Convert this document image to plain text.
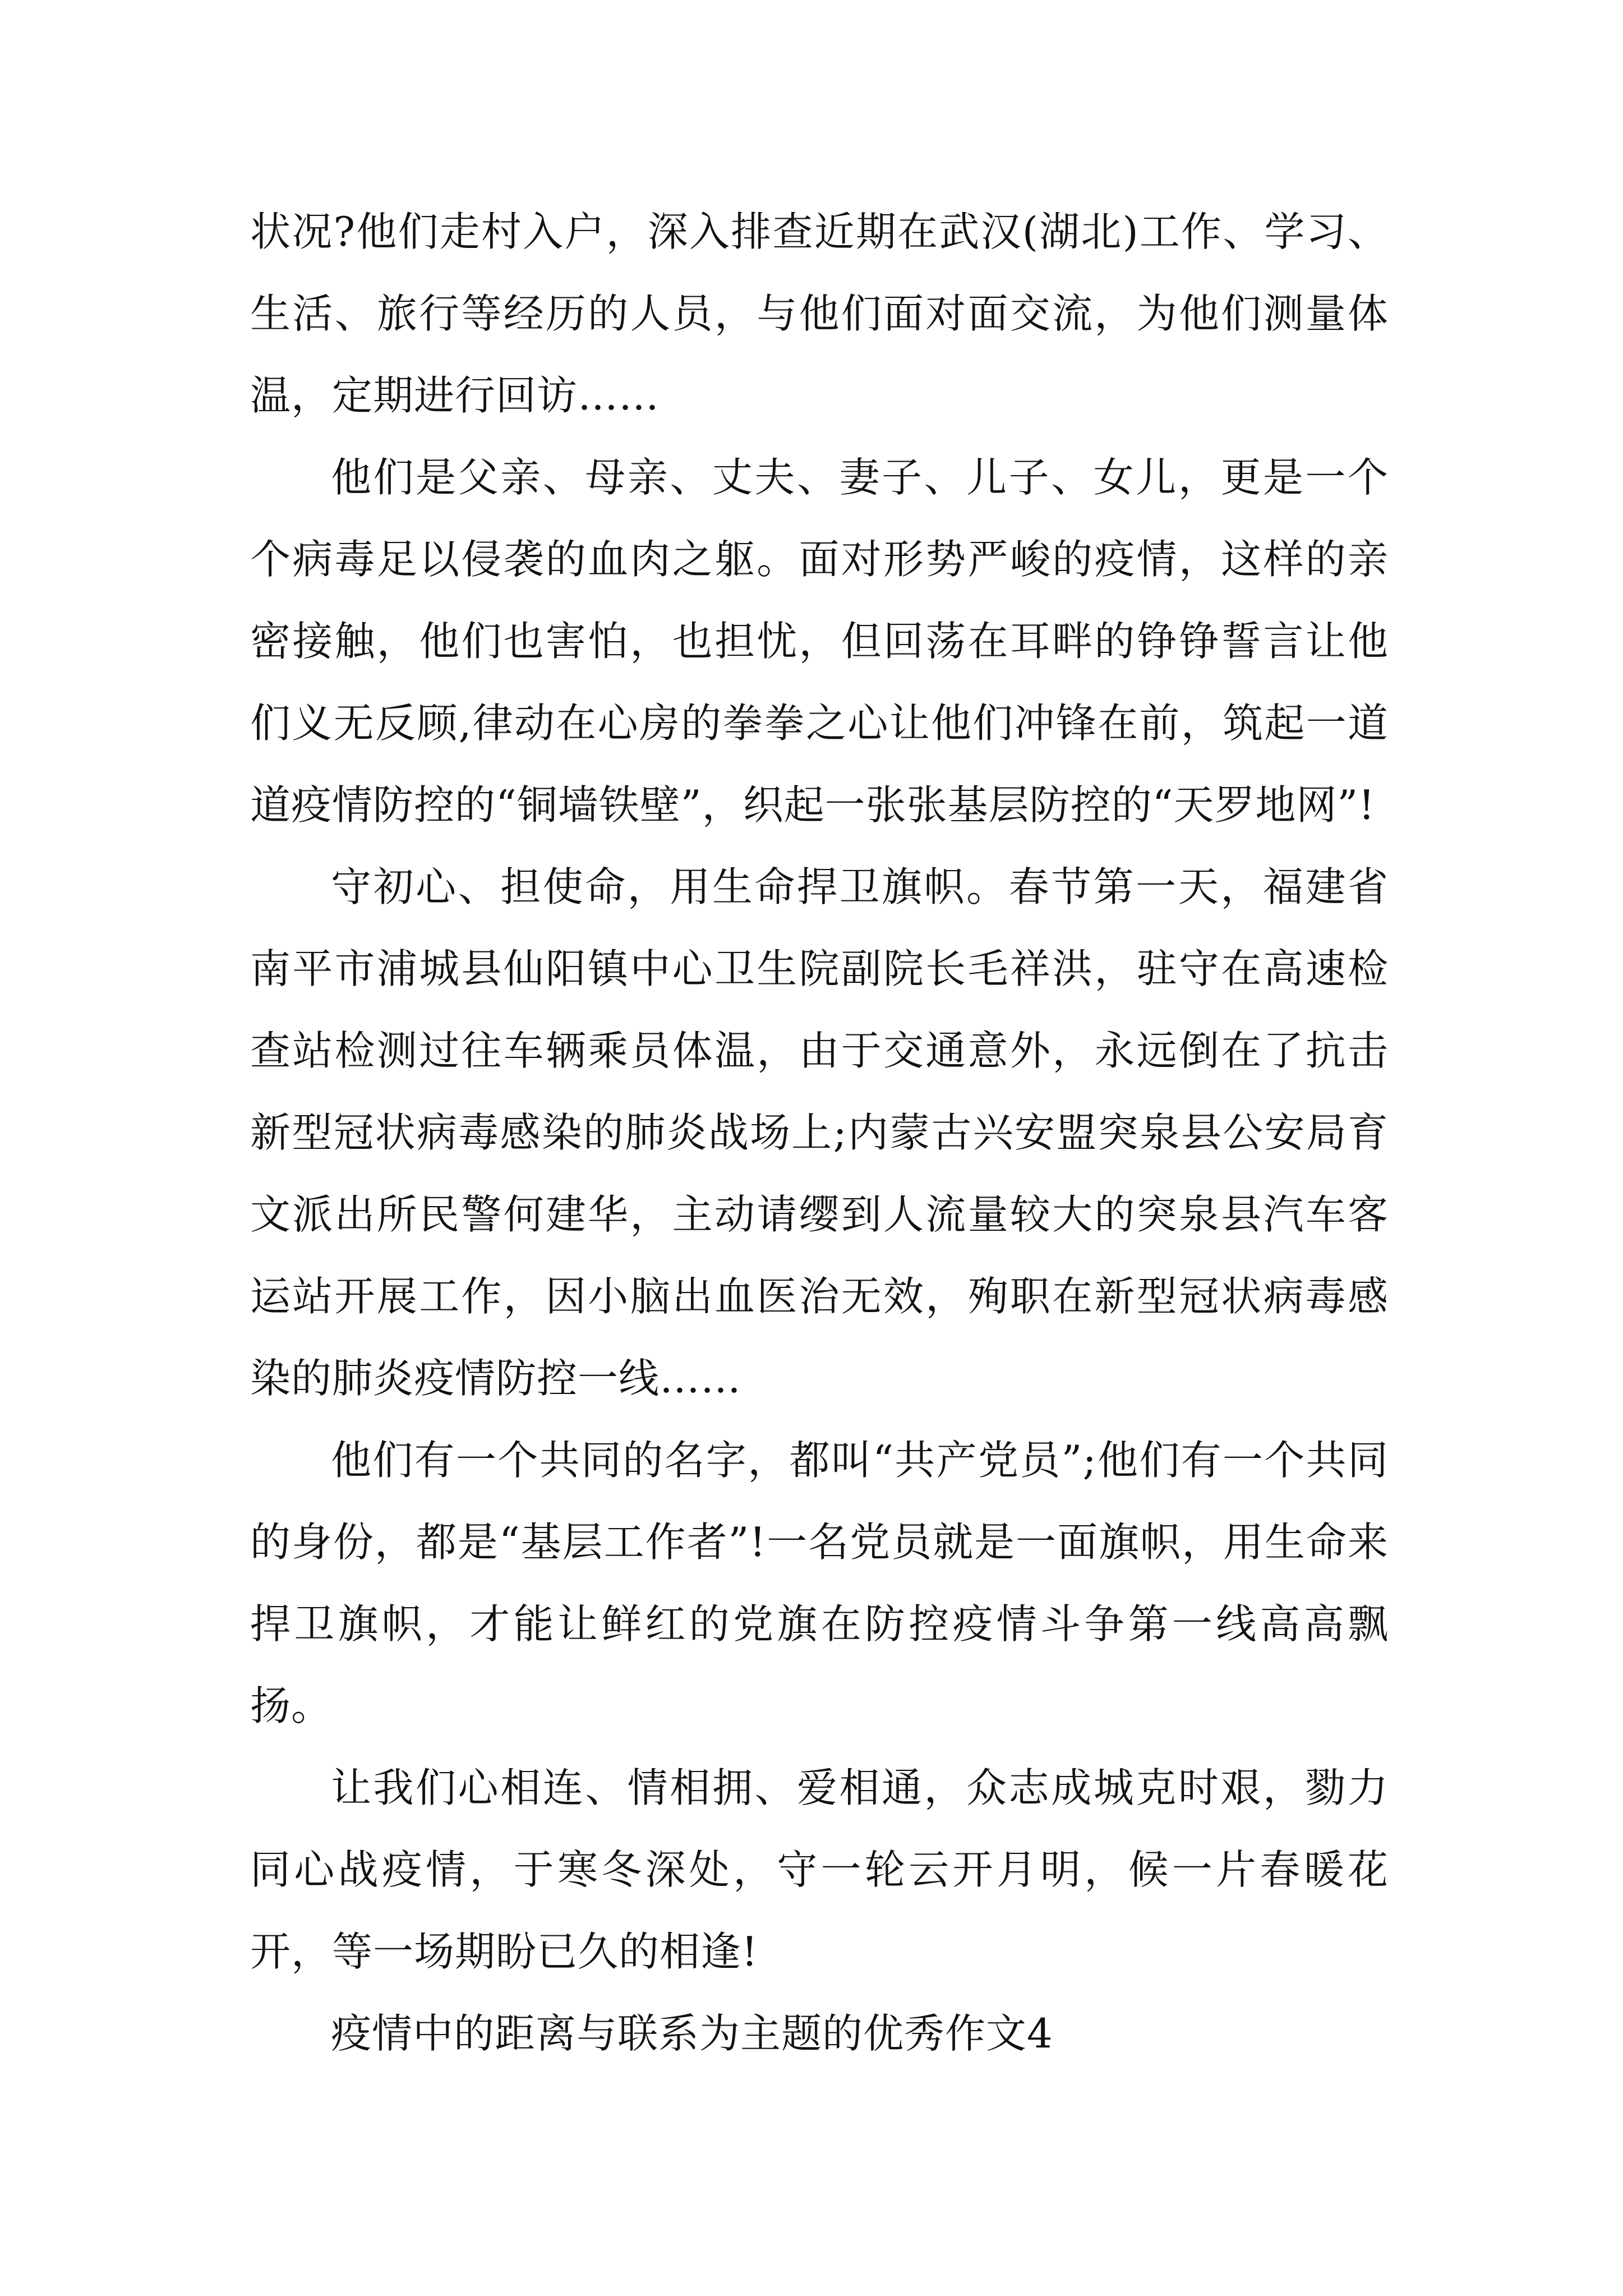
状况?他们走村入户，深入排查近期在武汉(湖北)工作、学习、生活、旅行等经历的人员，与他们面对面交流，为他们测量体温，定期进行回访……

他们是父亲、母亲、丈夫、妻子、儿子、女儿，更是一个个病毒足以侵袭的血肉之躯。面对形势严峻的疫情，这样的亲密接触，他们也害怕，也担忧，但回荡在耳畔的铮铮誓言让他们义无反顾,律动在心房的拳拳之心让他们冲锋在前，筑起一道道疫情防控的“铜墙铁壁”，织起一张张基层防控的“天罗地网”!

守初心、担使命，用生命捍卫旗帜。春节第一天，福建省南平市浦城县仙阳镇中心卫生院副院长毛祥洪，驻守在高速检查站检测过往车辆乘员体温，由于交通意外，永远倒在了抗击新型冠状病毒感染的肺炎战场上;内蒙古兴安盟突泉县公安局育文派出所民警何建华，主动请缨到人流量较大的突泉县汽车客运站开展工作，因小脑出血医治无效，殉职在新型冠状病毒感染的肺炎疫情防控一线……

他们有一个共同的名字，都叫“共产党员”;他们有一个共同的身份，都是“基层工作者”!一名党员就是一面旗帜，用生命来捍卫旗帜，才能让鲜红的党旗在防控疫情斗争第一线高高飘扬。

让我们心相连、情相拥、爱相通，众志成城克时艰，勠力同心战疫情，于寒冬深处，守一轮云开月明，候一片春暖花开，等一场期盼已久的相逢!

疫情中的距离与联系为主题的优秀作文4
